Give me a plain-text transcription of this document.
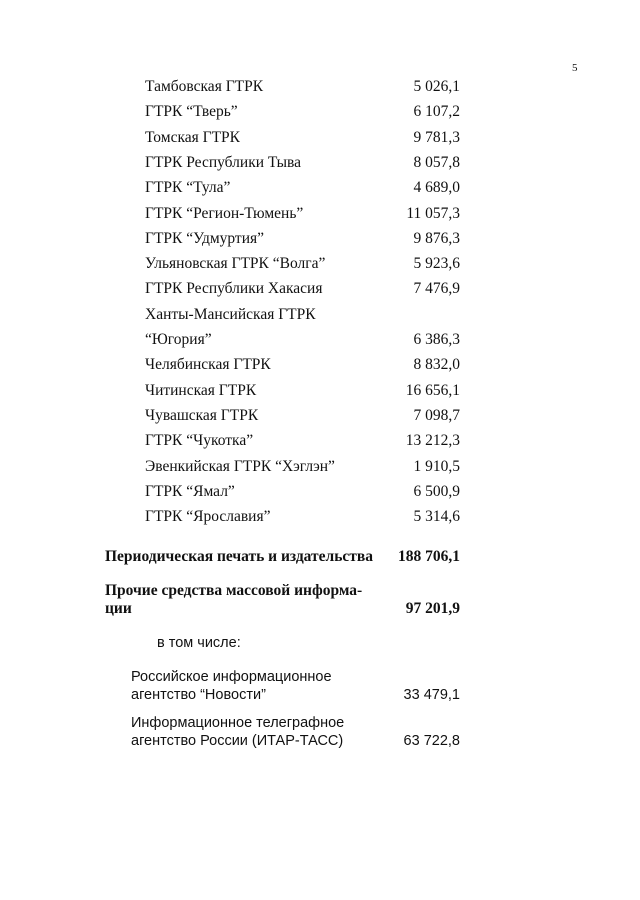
5
Тамбовская ГТРК	5 026,1
ГТРК “Тверь”	6 107,2
Томская ГТРК	9 781,3
ГТРК Республики Тыва	8 057,8
ГТРК “Тула”	4 689,0
ГТРК “Регион-Тюмень”	11 057,3
ГТРК “Удмуртия”	9 876,3
Ульяновская ГТРК “Волга”	5 923,6
ГТРК Республики Хакасия	7 476,9
Ханты-Мансийская ГТРК
“Югория”	6 386,3
Челябинская ГТРК	8 832,0
Читинская ГТРК	16 656,1
Чувашская ГТРК	7 098,7
ГТРК “Чукотка”	13 212,3
Эвенкийская ГТРК “Хэглэн”	1 910,5
ГТРК “Ямал”	6 500,9
ГТРК “Ярославия”	5 314,6
Периодическая печать и издательства 188 706,1
Прочие средства массовой информа-
ции	97 201,9
в том числе:
Российское информационное
агентство “Новости”	33 479,1
Информационное телеграфное
агентство России (ИТАР-ТАСС)	63 722,8
